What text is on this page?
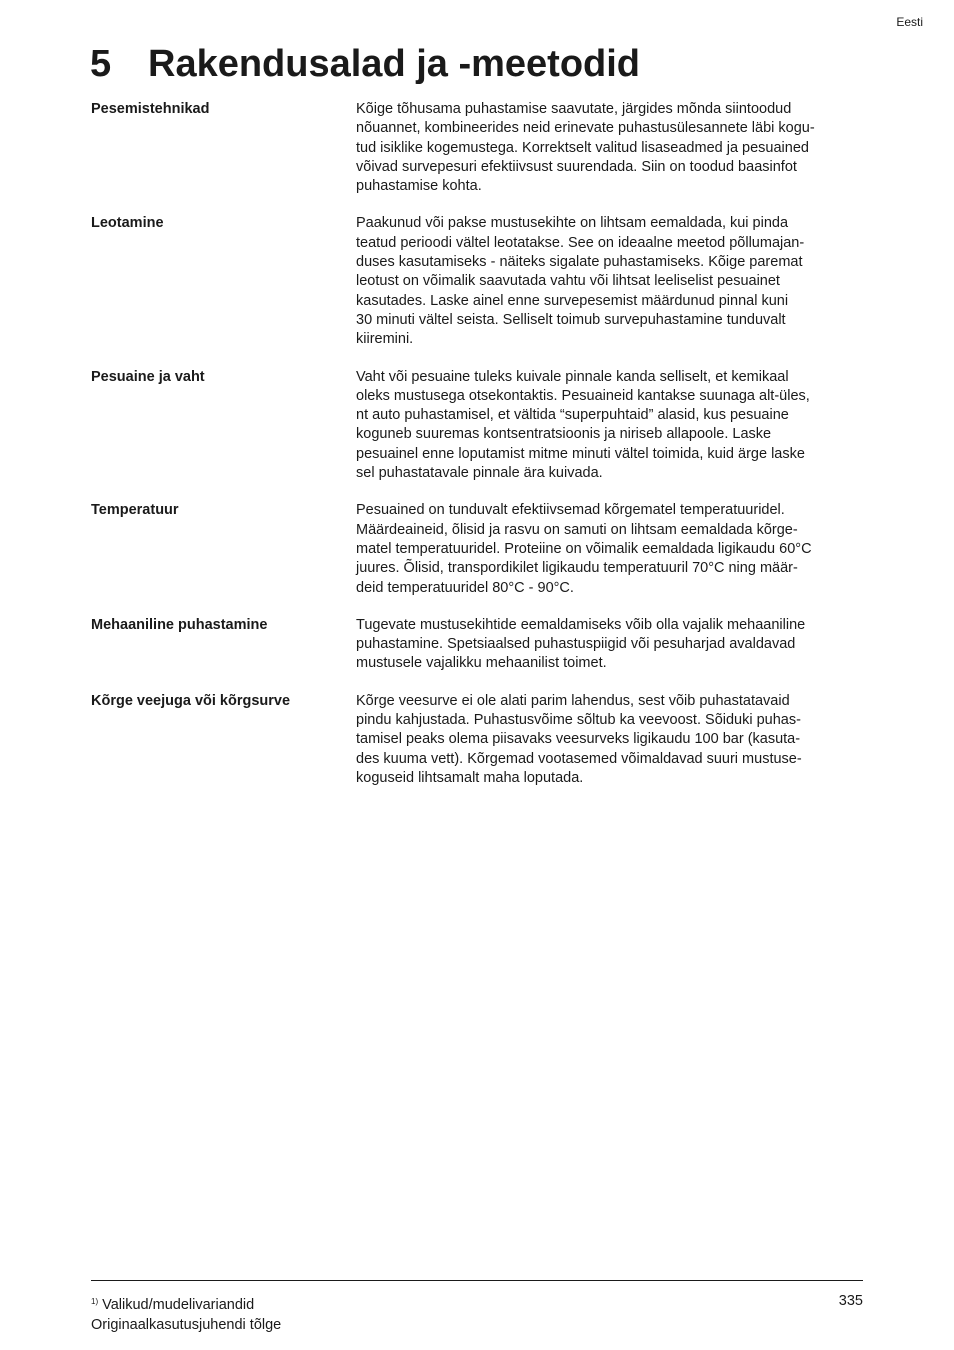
Eesti
5 Rakendusalad ja -meetodid
Pesemistehnikad	Kõige tõhusama puhastamise saavutate, järgides mõnda siintoodud
nõuannet, kombineerides neid erinevate puhastusülesannete läbi kogu-
tud isiklike kogemustega. Korrektselt valitud lisaseadmed ja pesuained
võivad survepesuri efektiivsust suurendada. Siin on toodud baasinfot
puhastamise kohta.
Leotamine	Paakunud või pakse mustusekihte on lihtsam eemaldada, kui pinda
teatud perioodi vältel leotatakse. See on ideaalne meetod põllumajan-
duses kasutamiseks - näiteks sigalate puhastamiseks. Kõige paremat
leotust on võimalik saavutada vahtu või lihtsat leeliselist pesuainet
kasutades. Laske ainel enne survepesemist määrdunud pinnal kuni
30 minuti vältel seista. Selliselt toimub survepuhastamine tunduvalt
kiiremini.
Pesuaine ja vaht	Vaht või pesuaine tuleks kuivale pinnale kanda selliselt, et kemikaal
oleks mustusega otsekontaktis. Pesuaineid kantakse suunaga alt-üles,
nt auto puhastamisel, et vältida “superpuhtaid” alasid, kus pesuaine
koguneb suuremas kontsentratsioonis ja niriseb allapoole. Laske
pesuainel enne loputamist mitme minuti vältel toimida, kuid ärge laske
sel puhastatavale pinnale ära kuivada.
Temperatuur	Pesuained on tunduvalt efektiivsemad kõrgematel temperatuuridel.
Määrdeaineid, õlisid ja rasvu on samuti on lihtsam eemaldada kõrge-
matel temperatuuridel. Proteiine on võimalik eemaldada ligikaudu 60°C
juures. Õlisid, transpordikilet ligikaudu temperatuuril 70°C ning määr-
deid temperatuuridel 80°C - 90°C.
Mehaaniline puhastamine	Tugevate mustusekihtide eemaldamiseks võib olla vajalik mehaaniline
puhastamine. Spetsiaalsed puhastuspiigid või pesuharjad avaldavad
mustusele vajalikku mehaanilist toimet.
Kõrge veejuga või kõrgsurve	Kõrge veesurve ei ole alati parim lahendus, sest võib puhastatavaid
pindu kahjustada. Puhastusvõime sõltub ka veevoost. Sõiduki puhas-
tamisel peaks olema piisavaks veesurveks ligikaudu 100 bar (kasuta-
des kuuma vett). Kõrgemad vootasemed võimaldavad suuri mustuse-
koguseid lihtsamalt maha loputada.
$^{1)}$ Valikud/mudelivariandid
Originaalkasutusjuhendi tõlge
335
